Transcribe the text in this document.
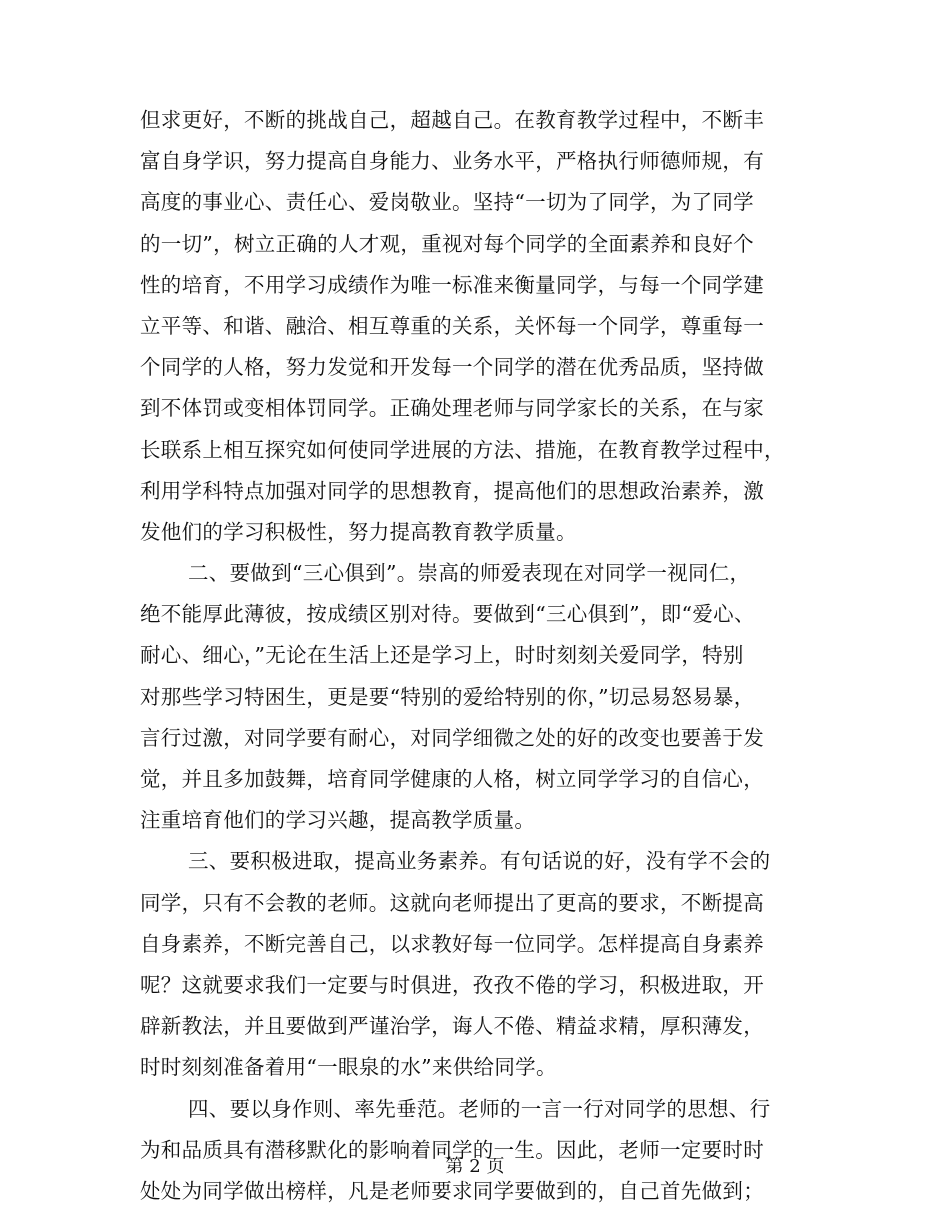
但求更好，不断的挑战自己，超越自己。在教育教学过程中，不断丰
富自身学识，努力提高自身能力、业务水平，严格执行师德师规，有
高度的事业心、责任心、爱岗敬业。坚持“一切为了同学，为了同学
的一切”，树立正确的人才观，重视对每个同学的全面素养和良好个
性的培育，不用学习成绩作为唯一标准来衡量同学，与每一个同学建
立平等、和谐、融洽、相互尊重的关系，关怀每一个同学，尊重每一
个同学的人格，努力发觉和开发每一个同学的潜在优秀品质，坚持做
到不体罚或变相体罚同学。正确处理老师与同学家长的关系，在与家
长联系上相互探究如何使同学进展的方法、措施，在教育教学过程中，
利用学科特点加强对同学的思想教育，提高他们的思想政治素养，激
发他们的学习积极性，努力提高教育教学质量。
二、要做到“三心俱到”。崇高的师爱表现在对同学一视同仁，
绝不能厚此薄彼，按成绩区别对待。要做到“三心俱到”，即“爱心、
耐心、细心，”无论在生活上还是学习上，时时刻刻关爱同学，特别
对那些学习特困生，更是要“特别的爱给特别的你，”切忌易怒易暴，
言行过激，对同学要有耐心，对同学细微之处的好的改变也要善于发
觉，并且多加鼓舞，培育同学健康的人格，树立同学学习的自信心，
注重培育他们的学习兴趣，提高教学质量。
三、要积极进取，提高业务素养。有句话说的好，没有学不会的
同学，只有不会教的老师。这就向老师提出了更高的要求，不断提高
自身素养，不断完善自己，以求教好每一位同学。怎样提高自身素养
呢？这就要求我们一定要与时俱进，孜孜不倦的学习，积极进取，开
辟新教法，并且要做到严谨治学，诲人不倦、精益求精，厚积薄发，
时时刻刻准备着用“一眼泉的水”来供给同学。
四、要以身作则、率先垂范。老师的一言一行对同学的思想、行
为和品质具有潜移默化的影响着同学的一生。因此，老师一定要时时
处处为同学做出榜样，凡是老师要求同学要做到的，自己首先做到；
第 2 页
